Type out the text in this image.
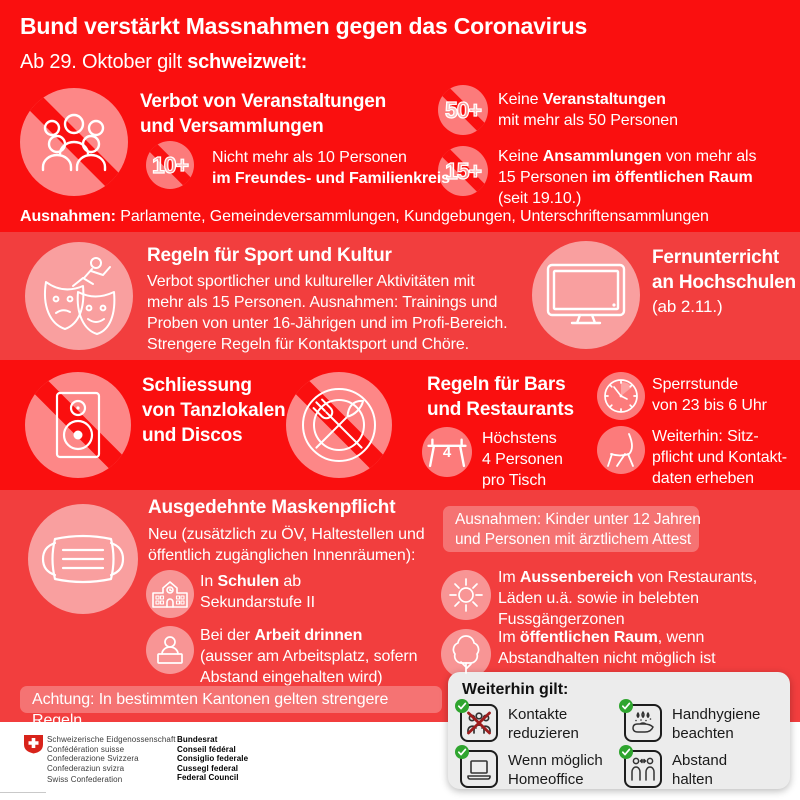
Bund verstärkt Massnahmen gegen das Coronavirus
Ab 29. Oktober gilt schweizweit:
Verbot von Veranstaltungen
und Versammlungen
10+ Nicht mehr als 10 Personen
im Freundes- und Familienkreis
50+ Keine Veranstaltungen
mit mehr als 50 Personen
15+
Keine Ansammlungen von mehr als
15 Personen im öffentlichen Raum
(seit 19.10.)
Ausnahmen: Parlamente, Gemeindeversammlungen, Kundgebungen, Unterschriftensammlungen
Regeln für Sport und Kultur
Verbot sportlicher und kultureller Aktivitäten mit
mehr als 15 Personen. Ausnahmen: Trainings und
Proben von unter 16-Jährigen und im Profi-Bereich.
Strengere Regeln für Kontaktsport und Chöre.
Fernunterricht
an Hochschulen
(ab 2.11.)
Schliessung
von Tanzlokalen
und Discos
Regeln für Bars
und Restaurants
4
Höchstens
4 Personen
pro Tisch
Sperrstunde
von 23 bis 6 Uhr
Weiterhin: Sitz-
pflicht und Kontakt-
daten erheben
Ausgedehnte Maskenpflicht
Neu (zusätzlich zu ÖV, Haltestellen und
öffentlich zugänglichen Innenräumen):
In Schulen ab
Sekundarstufe II
Bei der Arbeit drinnen
(ausser am Arbeitsplatz, sofern
Abstand eingehalten wird)
Achtung: In bestimmten Kantonen gelten strengere Regeln
Ausnahmen: Kinder unter 12 Jahren
und Personen mit ärztlichem Attest
Im Aussenbereich von Restaurants,
Läden u.ä. sowie in belebten
Fussgängerzonen
Im öffentlichen Raum, wenn
Abstandhalten nicht möglich ist
Weiterhin gilt:
Kontakte
reduzieren
Handhygiene
beachten
Wenn möglich
Homeoffice
Abstand
halten
Schweizerische Eidgenossenschaft
Confédération suisse
Confederazione Svizzera
Confederaziun svizra
Swiss Confederation
Bundesrat
Conseil fédéral
Consiglio federale
Cussegl federal
Federal Council
